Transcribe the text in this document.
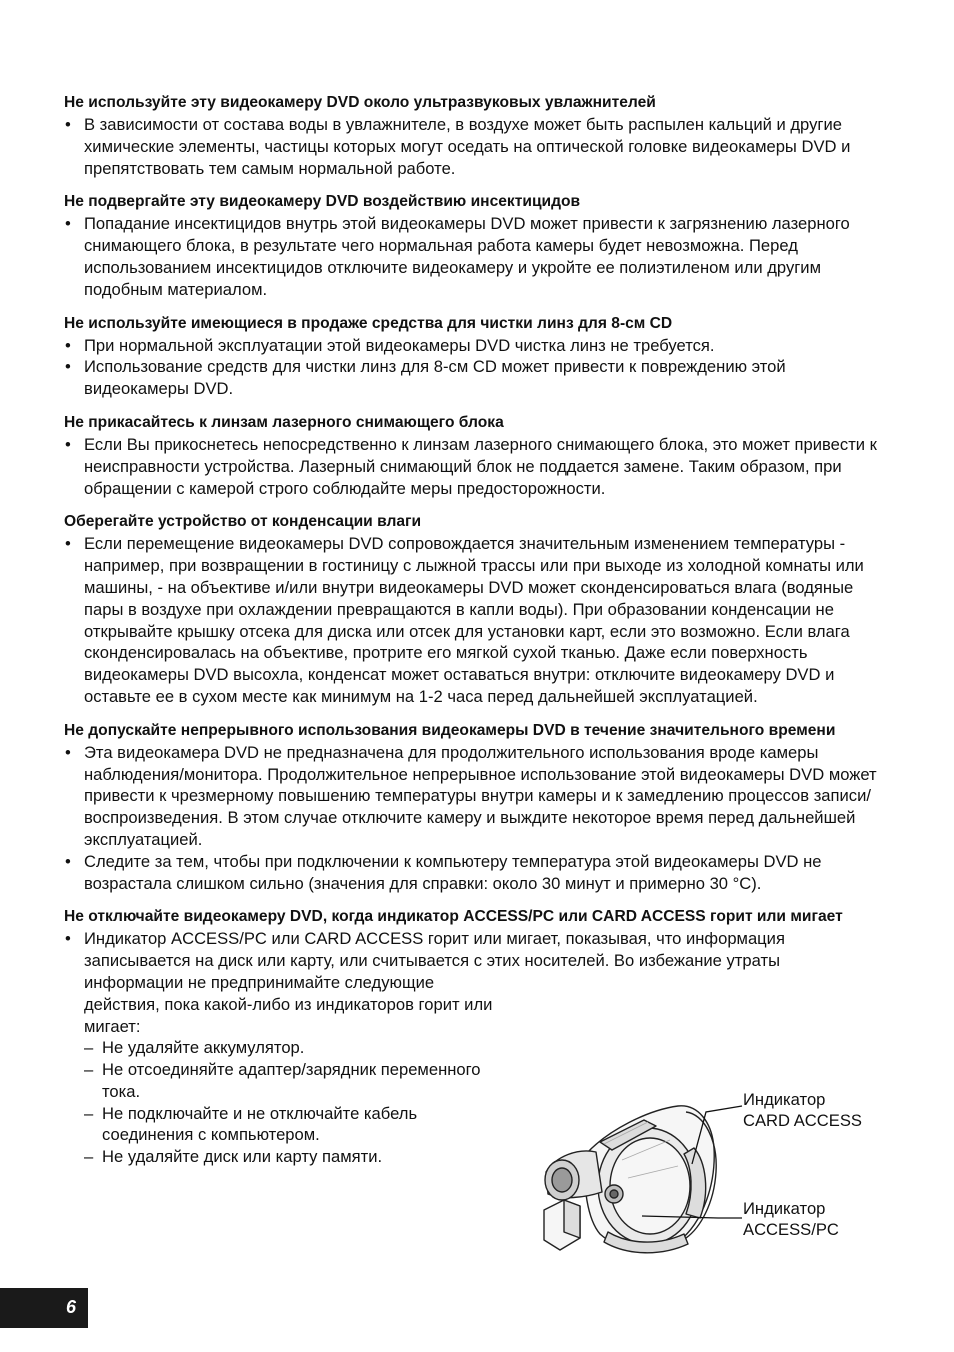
Не используйте эту видеокамеру DVD около ультразвуковых увлажнителей

• В зависимости от состава воды в увлажнителе, в воздухе может быть распылен кальций и другие химические элементы, частицы которых могут оседать на оптической головке видеокамеры DVD и препятствовать тем самым нормальной работе.

Не подвергайте эту видеокамеру DVD воздействию инсектицидов

• Попадание инсектицидов внутрь этой видеокамеры DVD может привести к загрязнению лазерного снимающего блока, в результате чего нормальная работа камеры будет невозможна. Перед использованием инсектицидов отключите видеокамеру и укройте ее полиэтиленом или другим подобным материалом.

Не используйте имеющиеся в продаже средства для чистки линз для 8-см CD

• При нормальной эксплуатации этой видеокамеры DVD чистка линз не требуется.
• Использование средств для чистки линз для 8-см CD может привести к повреждению этой видеокамеры DVD.

Не прикасайтесь к линзам лазерного снимающего блока

• Если Вы прикоснетесь непосредственно к линзам лазерного снимающего блока, это может привести к неисправности устройства. Лазерный снимающий блок не поддается замене. Таким образом, при обращении с камерой строго соблюдайте меры предосторожности.

Оберегайте устройство от конденсации влаги

• Если перемещение видеокамеры DVD сопровождается значительным изменением температуры - например, при возвращении в гостиницу с лыжной трассы или при выходе из холодной комнаты или машины, - на объективе и/или внутри видеокамеры DVD может сконденсироваться влага (водяные пары в воздухе при охлаждении превращаются в капли воды). При образовании конденсации не открывайте крышку отсека для диска или отсек для установки карт, если это возможно. Если влага сконденсировалась на объективе, протрите его мягкой сухой тканью. Даже если поверхность видеокамеры DVD высохла, конденсат может оставаться внутри: отключите видеокамеру DVD и оставьте ее в сухом месте как минимум на 1-2 часа перед дальнейшей эксплуатацией.

Не допускайте непрерывного использования видеокамеры DVD в течение значительного времени

• Эта видеокамера DVD не предназначена для продолжительного использования вроде камеры наблюдения/монитора. Продолжительное непрерывное использование этой видеокамеры DVD может привести к чрезмерному повышению температуры внутри камеры и к замедлению процессов записи/воспроизведения. В этом случае отключите камеру и выждите некоторое время перед дальнейшей эксплуатацией.
• Следите за тем, чтобы при подключении к компьютеру температура этой видеокамеры DVD не возрастала слишком сильно (значения для справки: около 30 минут и примерно 30 °C).

Не отключайте видеокамеру DVD, когда индикатор ACCESS/PC или CARD ACCESS горит или мигает

• Индикатор ACCESS/PC или CARD ACCESS горит или мигает, показывая, что информация записывается на диск или карту, или считывается с этих носителей. Во избежание утраты
информации не предпринимайте следующие действия, пока какой-либо из индикаторов горит или мигает:
– Не удаляйте аккумулятор.
– Не отсоединяйте адаптер/зарядник переменного тока.
– Не подключайте и не отключайте кабель соединения с компьютером.
– Не удаляйте диск или карту памяти.
Индикатор
CARD ACCESS
Индикатор
ACCESS/PC
6
